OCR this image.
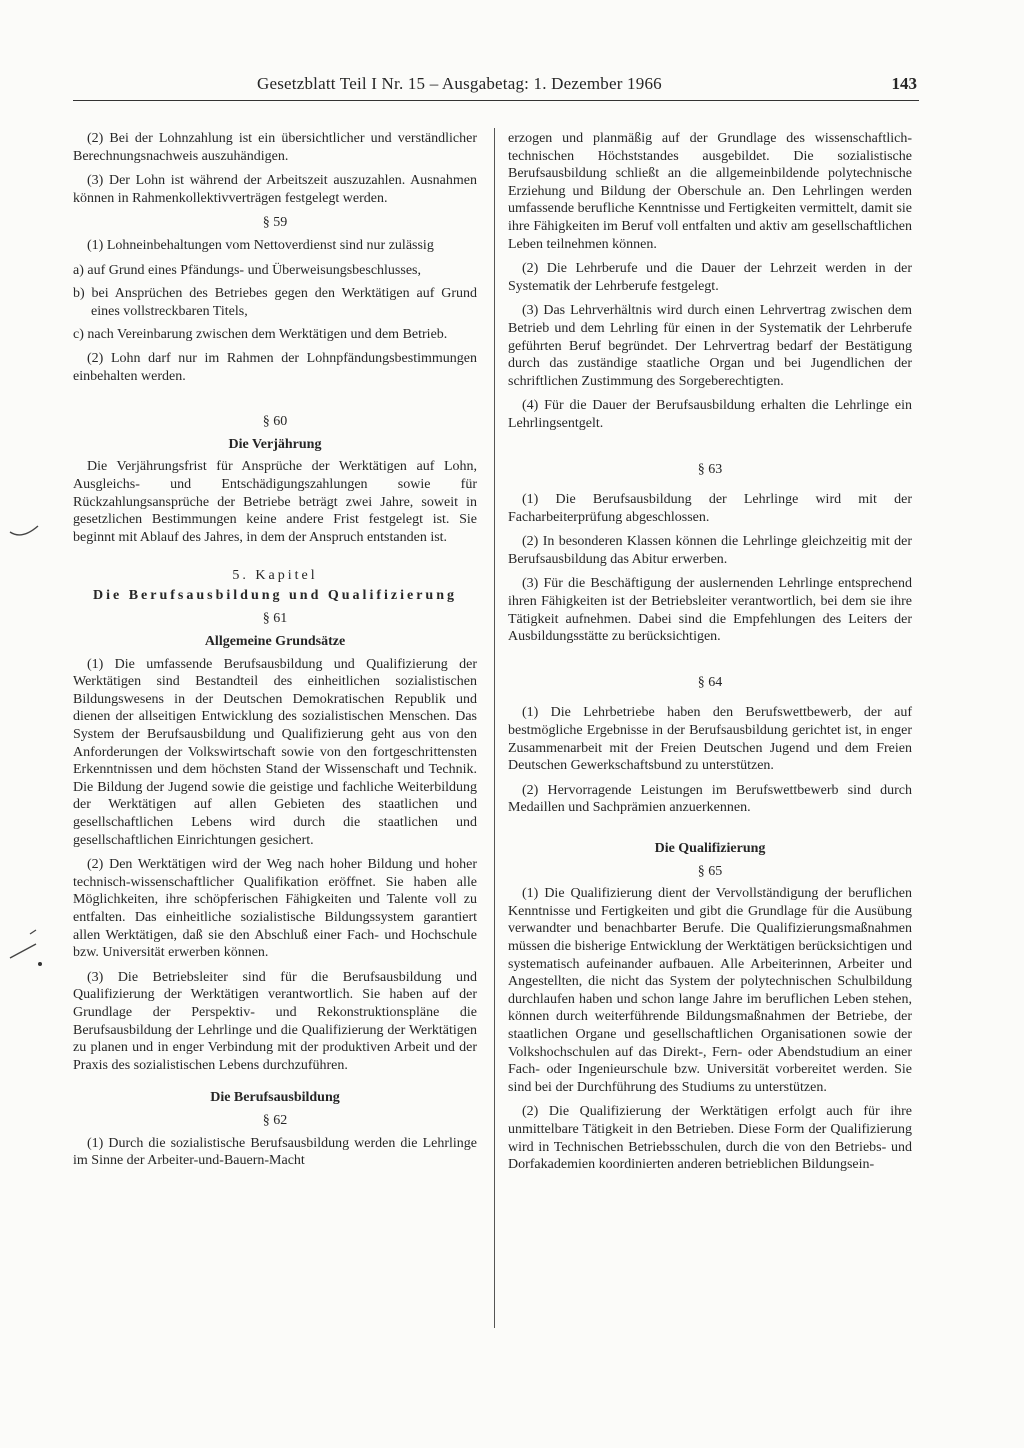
Gesetzblatt Teil I Nr. 15 – Ausgabetag: 1. Dezember 1966	143

(2) Bei der Lohnzahlung ist ein übersichtlicher und verständlicher Berechnungsnachweis auszuhändigen.

(3) Der Lohn ist während der Arbeitszeit auszuzahlen. Ausnahmen können in Rahmenkollektivverträgen festgelegt werden.

§ 59

(1) Lohneinbehaltungen vom Nettoverdienst sind nur zulässig

a) auf Grund eines Pfändungs- und Überweisungsbeschlusses,

b) bei Ansprüchen des Betriebes gegen den Werktätigen auf Grund eines vollstreckbaren Titels,

c) nach Vereinbarung zwischen dem Werktätigen und dem Betrieb.

(2) Lohn darf nur im Rahmen der Lohnpfändungsbestimmungen einbehalten werden.

§ 60
Die Verjährung

Die Verjährungsfrist für Ansprüche der Werktätigen auf Lohn, Ausgleichs- und Entschädigungszahlungen sowie für Rückzahlungsansprüche der Betriebe beträgt zwei Jahre, soweit in gesetzlichen Bestimmungen keine andere Frist festgelegt ist. Sie beginnt mit Ablauf des Jahres, in dem der Anspruch entstanden ist.

5. Kapitel
Die Berufsausbildung und Qualifizierung
§ 61
Allgemeine Grundsätze

(1) Die umfassende Berufsausbildung und Qualifizierung der Werktätigen sind Bestandteil des einheitlichen sozialistischen Bildungswesens in der Deutschen Demokratischen Republik und dienen der allseitigen Entwicklung des sozialistischen Menschen. Das System der Berufsausbildung und Qualifizierung geht aus von den Anforderungen der Volkswirtschaft sowie von den fortgeschrittensten Erkenntnissen und dem höchsten Stand der Wissenschaft und Technik. Die Bildung der Jugend sowie die geistige und fachliche Weiterbildung der Werktätigen auf allen Gebieten des staatlichen und gesellschaftlichen Lebens wird durch die staatlichen und gesellschaftlichen Einrichtungen gesichert.

(2) Den Werktätigen wird der Weg nach hoher Bildung und hoher technisch-wissenschaftlicher Qualifikation eröffnet. Sie haben alle Möglichkeiten, ihre schöpferischen Fähigkeiten und Talente voll zu entfalten. Das einheitliche sozialistische Bildungssystem garantiert allen Werktätigen, daß sie den Abschluß einer Fach- und Hochschule bzw. Universität erwerben können.

(3) Die Betriebsleiter sind für die Berufsausbildung und Qualifizierung der Werktätigen verantwortlich. Sie haben auf der Grundlage der Perspektiv- und Rekonstruktionspläne die Berufsausbildung der Lehrlinge und die Qualifizierung der Werktätigen zu planen und in enger Verbindung mit der produktiven Arbeit und der Praxis des sozialistischen Lebens durchzuführen.

Die Berufsausbildung
§ 62

(1) Durch die sozialistische Berufsausbildung werden die Lehrlinge im Sinne der Arbeiter-und-Bauern-Macht

erzogen und planmäßig auf der Grundlage des wissenschaftlich-technischen Höchststandes ausgebildet. Die sozialistische Berufsausbildung schließt an die allgemeinbildende polytechnische Erziehung und Bildung der Oberschule an. Den Lehrlingen werden umfassende berufliche Kenntnisse und Fertigkeiten vermittelt, damit sie ihre Fähigkeiten im Beruf voll entfalten und aktiv am gesellschaftlichen Leben teilnehmen können.

(2) Die Lehrberufe und die Dauer der Lehrzeit werden in der Systematik der Lehrberufe festgelegt.

(3) Das Lehrverhältnis wird durch einen Lehrvertrag zwischen dem Betrieb und dem Lehrling für einen in der Systematik der Lehrberufe geführten Beruf begründet. Der Lehrvertrag bedarf der Bestätigung durch das zuständige staatliche Organ und bei Jugendlichen der schriftlichen Zustimmung des Sorgeberechtigten.

(4) Für die Dauer der Berufsausbildung erhalten die Lehrlinge ein Lehrlingsentgelt.

§ 63

(1) Die Berufsausbildung der Lehrlinge wird mit der Facharbeiterprüfung abgeschlossen.

(2) In besonderen Klassen können die Lehrlinge gleichzeitig mit der Berufsausbildung das Abitur erwerben.

(3) Für die Beschäftigung der auslernenden Lehrlinge entsprechend ihren Fähigkeiten ist der Betriebsleiter verantwortlich, bei dem sie ihre Tätigkeit aufnehmen. Dabei sind die Empfehlungen des Leiters der Ausbildungsstätte zu berücksichtigen.

§ 64

(1) Die Lehrbetriebe haben den Berufswettbewerb, der auf bestmögliche Ergebnisse in der Berufsausbildung gerichtet ist, in enger Zusammenarbeit mit der Freien Deutschen Jugend und dem Freien Deutschen Gewerkschaftsbund zu unterstützen.

(2) Hervorragende Leistungen im Berufswettbewerb sind durch Medaillen und Sachprämien anzuerkennen.

Die Qualifizierung
§ 65

(1) Die Qualifizierung dient der Vervollständigung der beruflichen Kenntnisse und Fertigkeiten und gibt die Grundlage für die Ausübung verwandter und benachbarter Berufe. Die Qualifizierungsmaßnahmen müssen die bisherige Entwicklung der Werktätigen berücksichtigen und systematisch aufeinander aufbauen. Alle Arbeiterinnen, Arbeiter und Angestellten, die nicht das System der polytechnischen Schulbildung durchlaufen haben und schon lange Jahre im beruflichen Leben stehen, können durch weiterführende Bildungsmaßnahmen der Betriebe, der staatlichen Organe und gesellschaftlichen Organisationen sowie der Volkshochschulen auf das Direkt-, Fern- oder Abendstudium an einer Fach- oder Ingenieurschule bzw. Universität vorbereitet werden. Sie sind bei der Durchführung des Studiums zu unterstützen.

(2) Die Qualifizierung der Werktätigen erfolgt auch für ihre unmittelbare Tätigkeit in den Betrieben. Diese Form der Qualifizierung wird in Technischen Betriebsschulen, durch die von den Betriebs- und Dorfakademien koordinierten anderen betrieblichen Bildungsein-
